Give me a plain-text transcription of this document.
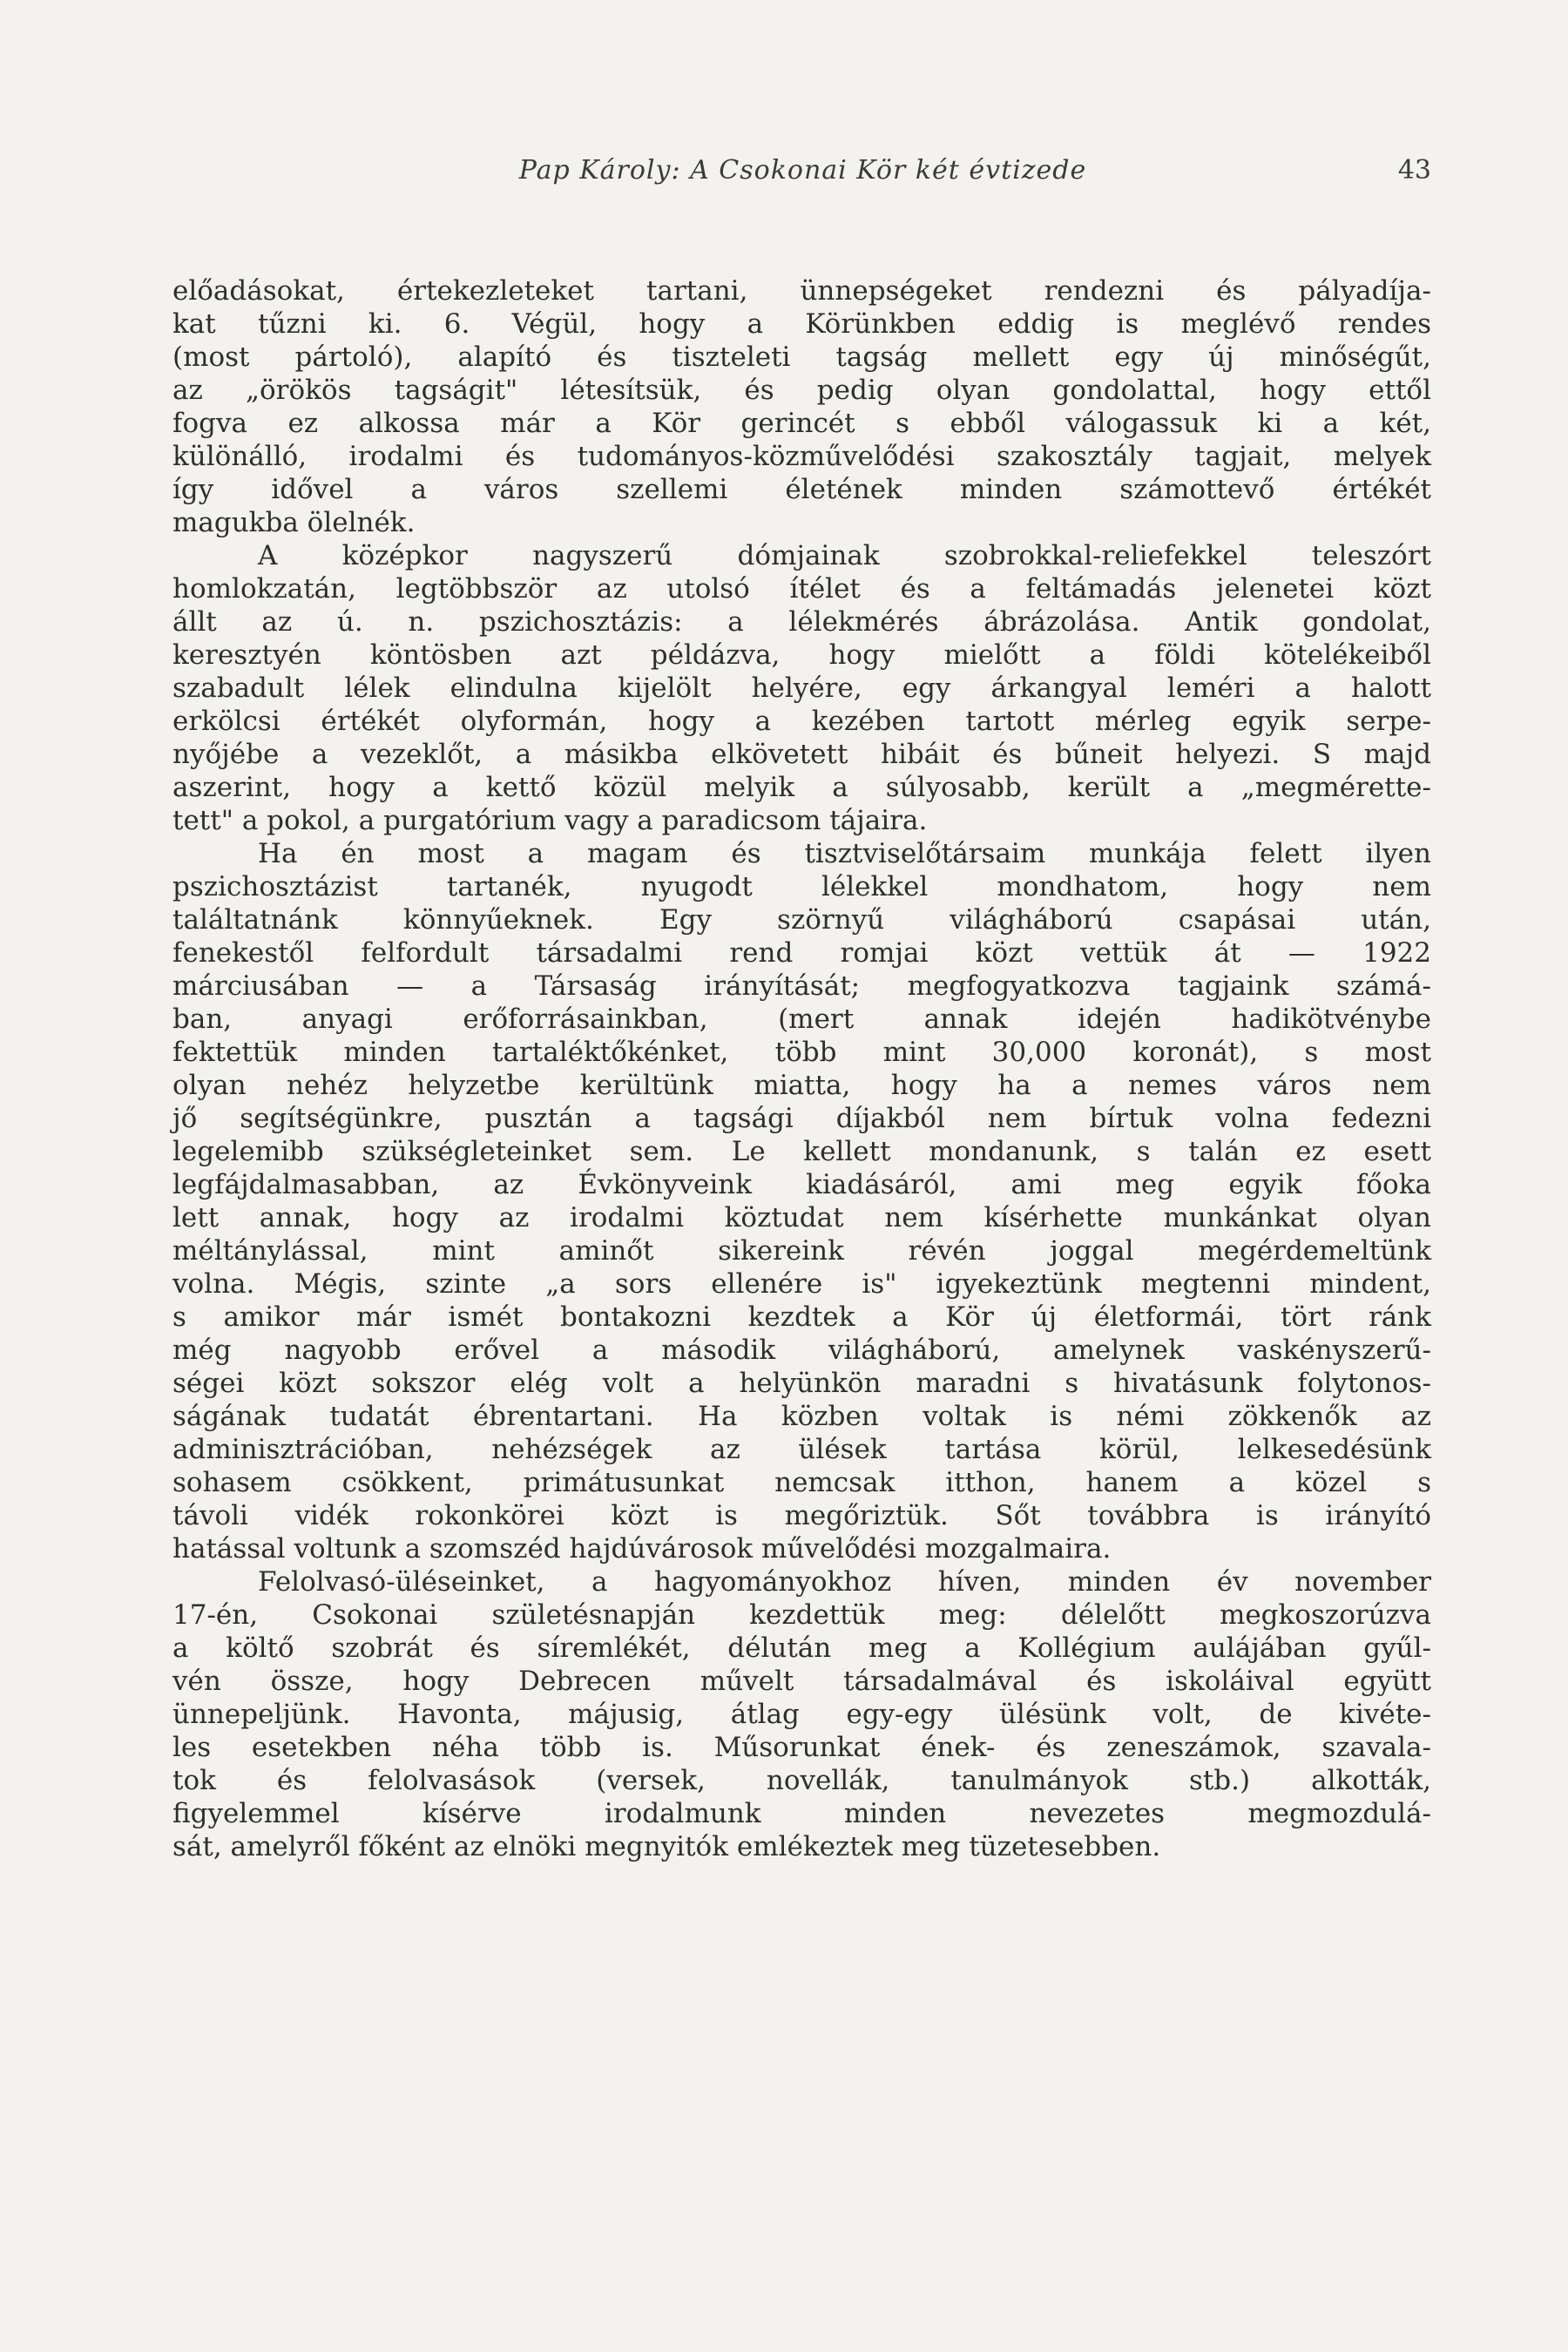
Pap Károly: A Csokonai Kör két évtizede	43

előadásokat, értekezleteket tartani, ünnepségeket rendezni és pályadíja-
kat tűzni ki. 6. Végül, hogy a Körünkben eddig is meglévő rendes
(most pártoló), alapító és tiszteleti tagság mellett egy új minőségűt,
az „örökös tagságit" létesítsük, és pedig olyan gondolattal, hogy ettől
fogva ez alkossa már a Kör gerincét s ebből válogassuk ki a két,
különálló, irodalmi és tudományos-közművelődési szakosztály tagjait, melyek
így idővel a város szellemi életének minden számottevő értékét
magukba ölelnék.

A középkor nagyszerű dómjainak szobrokkal-reliefekkel teleszórt
homlokzatán, legtöbbször az utolsó ítélet és a feltámadás jelenetei közt
állt az ú. n. pszichosztázis: a lélekmérés ábrázolása. Antik gondolat,
keresztyén köntösben azt példázva, hogy mielőtt a földi kötelékeiből
szabadult lélek elindulna kijelölt helyére, egy árkangyal leméri a halott
erkölcsi értékét olyformán, hogy a kezében tartott mérleg egyik serpe-
nyőjébe a vezeklőt, a másikba elkövetett hibáit és bűneit helyezi. S majd
aszerint, hogy a kettő közül melyik a súlyosabb, került a „megmérette-
tett" a pokol, a purgatórium vagy a paradicsom tájaira.

Ha én most a magam és tisztviselőtársaim munkája felett ilyen
pszichosztázist tartanék, nyugodt lélekkel mondhatom, hogy nem
találtatnánk könnyűeknek. Egy szörnyű világháború csapásai után,
fenekestől felfordult társadalmi rend romjai közt vettük át — 1922
márciusában — a Társaság irányítását; megfogyatkozva tagjaink számá-
ban, anyagi erőforrásainkban, (mert annak idején hadikötvénybe
fektettük minden tartaléktőkénket, több mint 30,000 koronát), s most
olyan nehéz helyzetbe kerültünk miatta, hogy ha a nemes város nem
jő segítségünkre, pusztán a tagsági díjakból nem bírtuk volna fedezni
legelemibb szükségleteinket sem. Le kellett mondanunk, s talán ez esett
legfájdalmasabban, az Évkönyveink kiadásáról, ami meg egyik főoka
lett annak, hogy az irodalmi köztudat nem kísérhette munkánkat olyan
méltánylással, mint aminőt sikereink révén joggal megérdemeltünk
volna. Mégis, szinte „a sors ellenére is" igyekeztünk megtenni mindent,
s amikor már ismét bontakozni kezdtek a Kör új életformái, tört ránk
még nagyobb erővel a második világháború, amelynek vaskényszerű-
ségei közt sokszor elég volt a helyünkön maradni s hivatásunk folytonos-
ságának tudatát ébrentartani. Ha közben voltak is némi zökkenők az
adminisztrációban, nehézségek az ülések tartása körül, lelkesedésünk
sohasem csökkent, primátusunkat nemcsak itthon, hanem a közel s
távoli vidék rokonkörei közt is megőriztük. Sőt továbbra is irányító
hatással voltunk a szomszéd hajdúvárosok művelődési mozgalmaira.

Felolvasó-üléseinket, a hagyományokhoz híven, minden év november
17-én, Csokonai születésnapján kezdettük meg: délelőtt megkoszorúzva
a költő szobrát és síremlékét, délután meg a Kollégium aulájában gyűl-
vén össze, hogy Debrecen művelt társadalmával és iskoláival együtt
ünnepeljünk. Havonta, májusig, átlag egy-egy ülésünk volt, de kivéte-
les esetekben néha több is. Műsorunkat ének- és zeneszámok, szavala-
tok és felolvasások (versek, novellák, tanulmányok stb.) alkották,
figyelemmel kísérve irodalmunk minden nevezetes megmozdulá-
sát, amelyről főként az elnöki megnyitók emlékeztek meg tüzetesebben.
